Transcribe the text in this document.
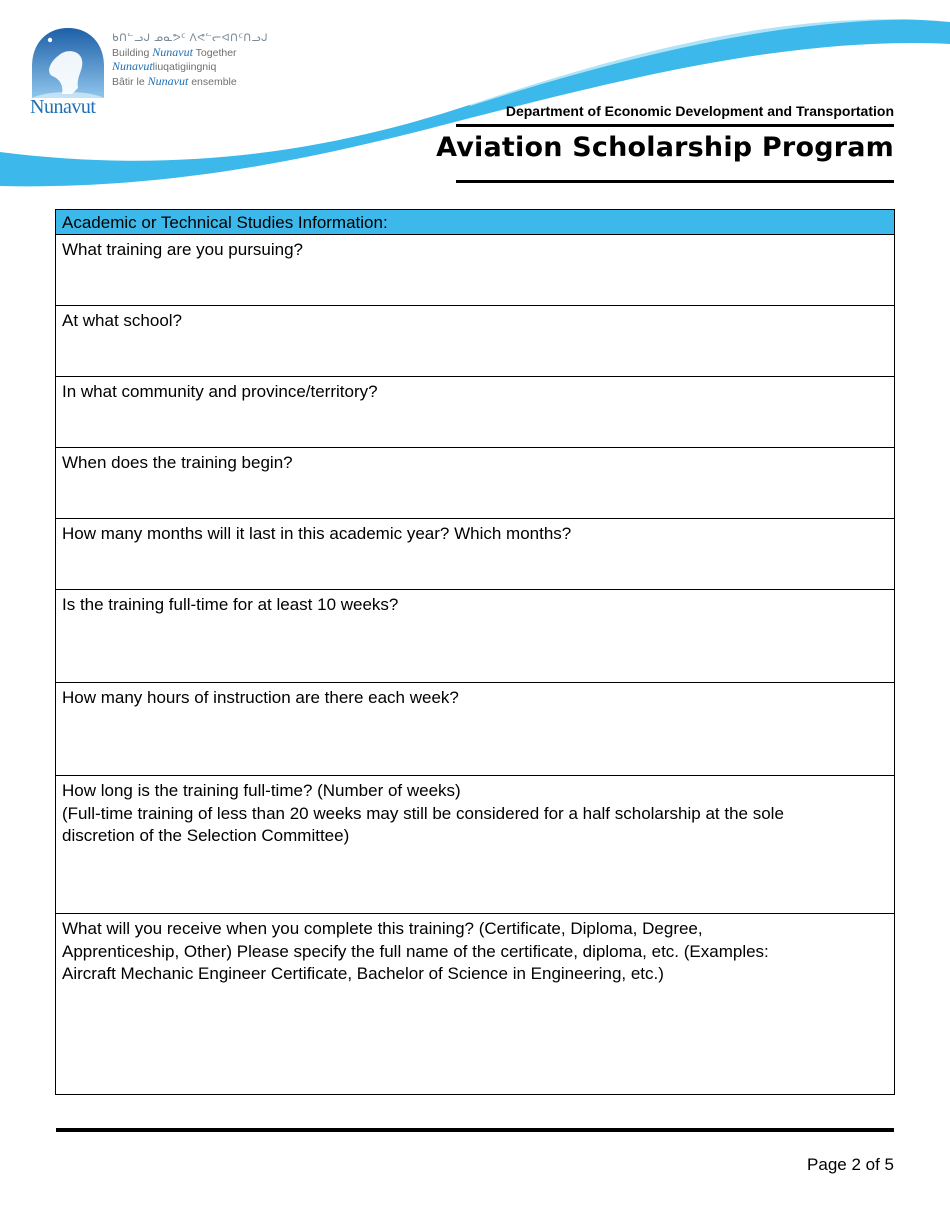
Nunavut
ᑲᑎᓪᓗᒍ ᓄᓇᕗᑦ ᐱᕙᓪᓕᐊᑎᑦᑎᓗᒍ
Building Nunavut Together
Nunavutliuqatigiingniq
Bâtir le Nunavut ensemble
Department of Economic Development and Transportation
Aviation Scholarship Program
Academic or Technical Studies Information:
What training are you pursuing?
At what school?
In what community and province/territory?
When does the training begin?
How many months will it last in this academic year? Which months?
Is the training full-time for at least 10 weeks?
How many hours of instruction are there each week?
How long is the training full-time? (Number of weeks)
(Full-time training of less than 20 weeks may still be considered for a half scholarship at the sole
discretion of the Selection Committee)
What will you receive when you complete this training? (Certificate, Diploma, Degree,
Apprenticeship, Other) Please specify the full name of the certificate, diploma, etc. (Examples:
Aircraft Mechanic Engineer Certificate, Bachelor of Science in Engineering, etc.)
Page 2 of 5
